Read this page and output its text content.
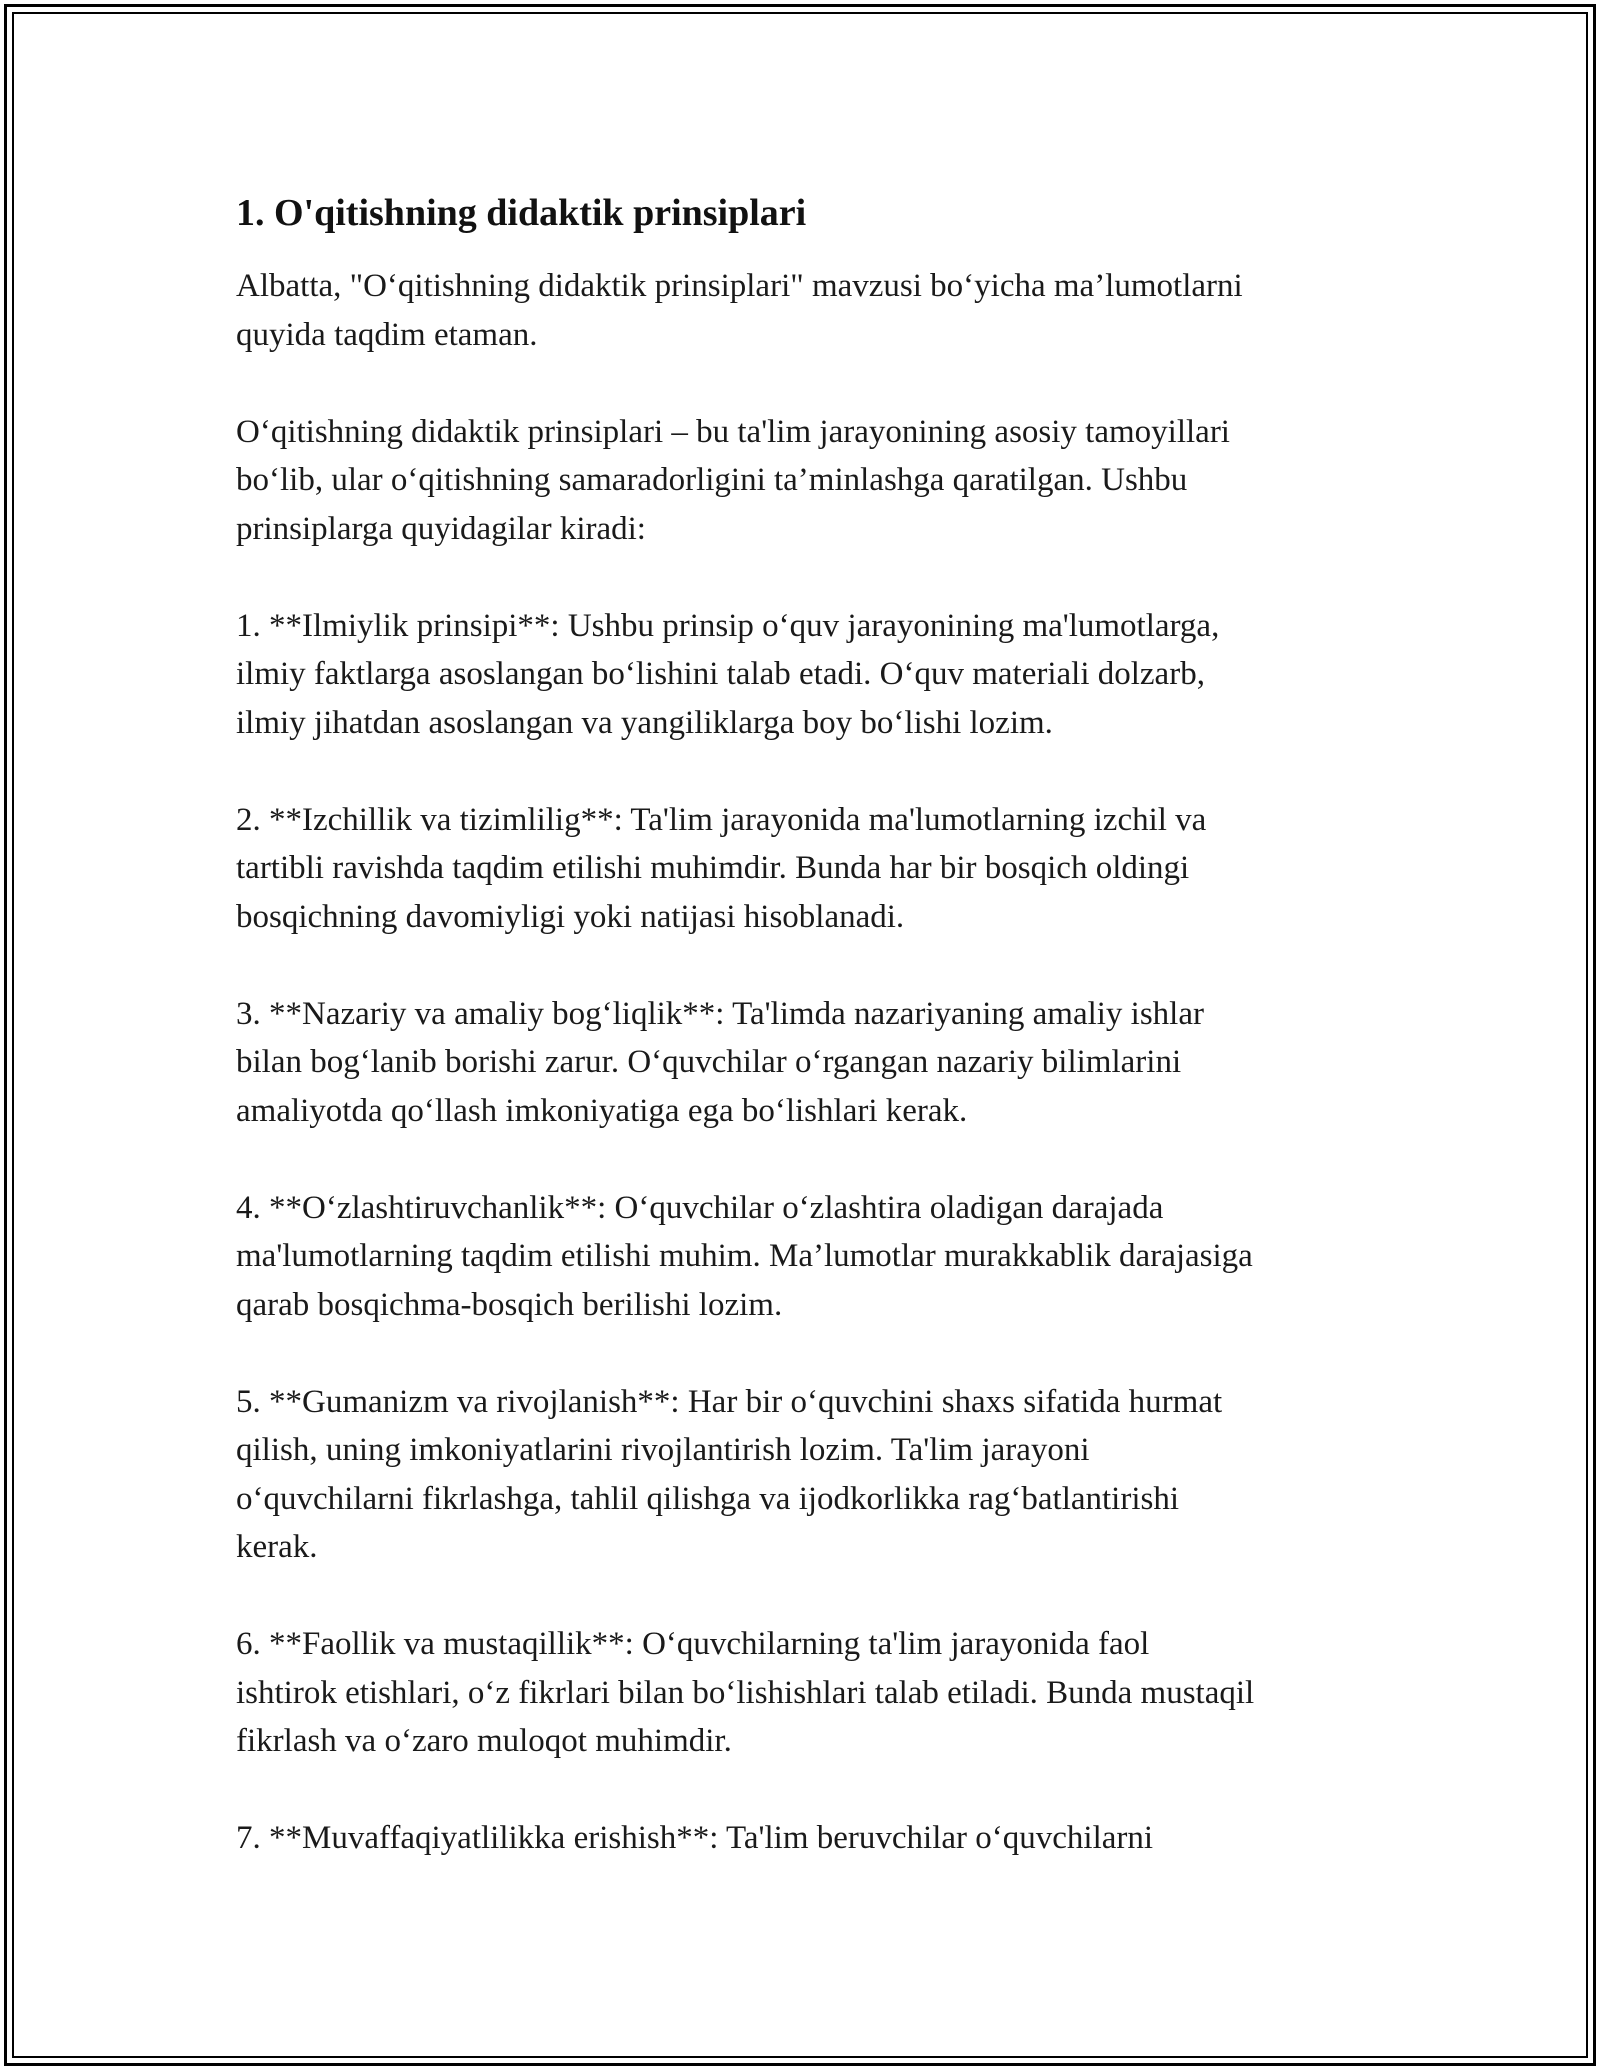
1. O'qitishning didaktik prinsiplari

Albatta, "O‘qitishning didaktik prinsiplari" mavzusi bo‘yicha ma’lumotlarni
quyida taqdim etaman.

O‘qitishning didaktik prinsiplari – bu ta'lim jarayonining asosiy tamoyillari
bo‘lib, ular o‘qitishning samaradorligini ta’minlashga qaratilgan. Ushbu
prinsiplarga quyidagilar kiradi:

1. **Ilmiylik prinsipi**: Ushbu prinsip o‘quv jarayonining ma'lumotlarga,
ilmiy faktlarga asoslangan bo‘lishini talab etadi. O‘quv materiali dolzarb,
ilmiy jihatdan asoslangan va yangiliklarga boy bo‘lishi lozim.

2. **Izchillik va tizimlilig**: Ta'lim jarayonida ma'lumotlarning izchil va
tartibli ravishda taqdim etilishi muhimdir. Bunda har bir bosqich oldingi
bosqichning davomiyligi yoki natijasi hisoblanadi.

3. **Nazariy va amaliy bog‘liqlik**: Ta'limda nazariyaning amaliy ishlar
bilan bog‘lanib borishi zarur. O‘quvchilar o‘rgangan nazariy bilimlarini
amaliyotda qo‘llash imkoniyatiga ega bo‘lishlari kerak.

4. **O‘zlashtiruvchanlik**: O‘quvchilar o‘zlashtira oladigan darajada
ma'lumotlarning taqdim etilishi muhim. Ma’lumotlar murakkablik darajasiga
qarab bosqichma-bosqich berilishi lozim.

5. **Gumanizm va rivojlanish**: Har bir o‘quvchini shaxs sifatida hurmat
qilish, uning imkoniyatlarini rivojlantirish lozim. Ta'lim jarayoni
o‘quvchilarni fikrlashga, tahlil qilishga va ijodkorlikka rag‘batlantirishi
kerak.

6. **Faollik va mustaqillik**: O‘quvchilarning ta'lim jarayonida faol
ishtirok etishlari, o‘z fikrlari bilan bo‘lishishlari talab etiladi. Bunda mustaqil
fikrlash va o‘zaro muloqot muhimdir.

7. **Muvaffaqiyatlilikka erishish**: Ta'lim beruvchilar o‘quvchilarni
